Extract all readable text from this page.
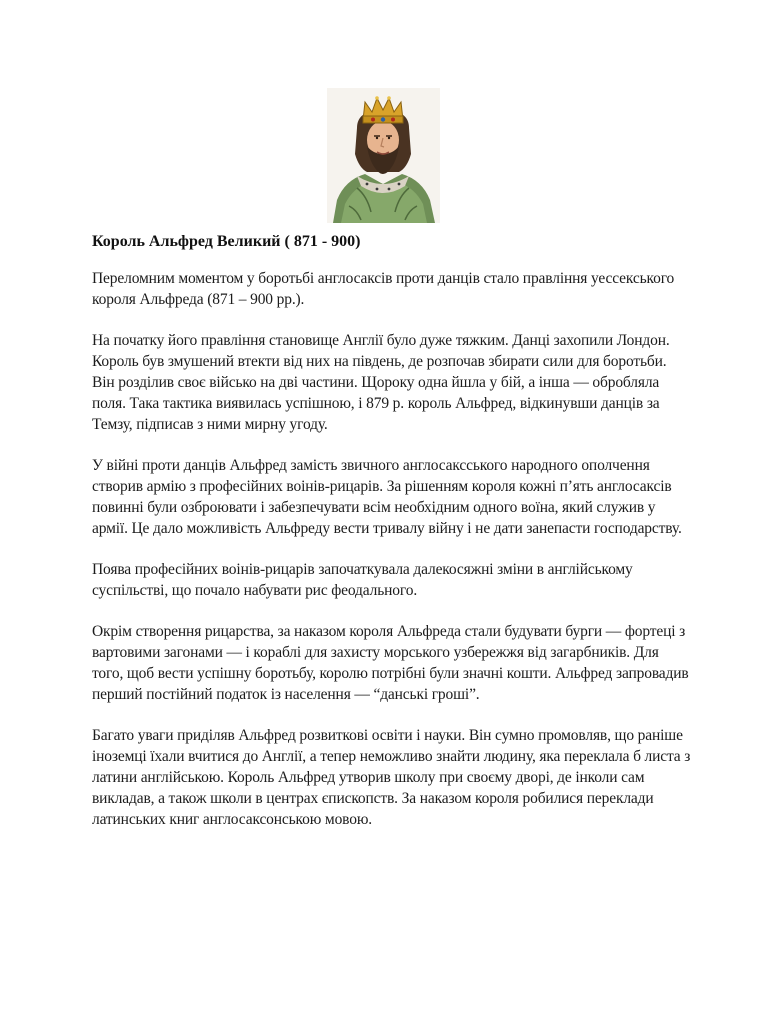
Король Альфред Великий ( 871 - 900)

Переломним моментом у боротьбі англосаксів проти данців стало правління уессекського короля Альфреда (871 – 900 рр.).

На початку його правління становище Англії було дуже тяжким. Данці захопили Лондон. Король був змушений втекти від них на південь, де розпочав збирати сили для боротьби. Він розділив своє військо на дві частини. Щороку одна йшла у бій, а інша — обробляла поля. Така тактика виявилась успішною, і 879 р. король Альфред, відкинувши данців за Темзу, підписав з ними мирну угоду.

У війні проти данців Альфред замість звичного англосаксського народного ополчення створив армію з професійних воінів-рицарів. За рішенням короля кожні п’ять англосаксів повинні були озброювати і забезпечувати всім необхідним одного воїна, який служив у армії. Це дало можливість Альфреду вести тривалу війну і не дати занепасти господарству.

Поява професійних воінів-рицарів започаткувала далекосяжні зміни в англійському суспільстві, що почало набувати рис феодального.

Окрім створення рицарства, за наказом короля Альфреда стали будувати бурги — фортеці з вартовими загонами — і кораблі для захисту морського узбережжя від загарбників. Для того, щоб вести успішну боротьбу, королю потрібні були значні кошти. Альфред запровадив перший постійний податок із населення — “данські гроші”.

Багато уваги приділяв Альфред розвиткові освіти і науки. Він сумно промовляв, що раніше іноземці їхали вчитися до Англії, а тепер неможливо знайти людину, яка переклала б листа з латини англійською. Король Альфред утворив школу при своєму дворі, де інколи сам викладав, а також школи в центрах єпископств. За наказом короля робилися переклади латинських книг англосаксонською мовою.
